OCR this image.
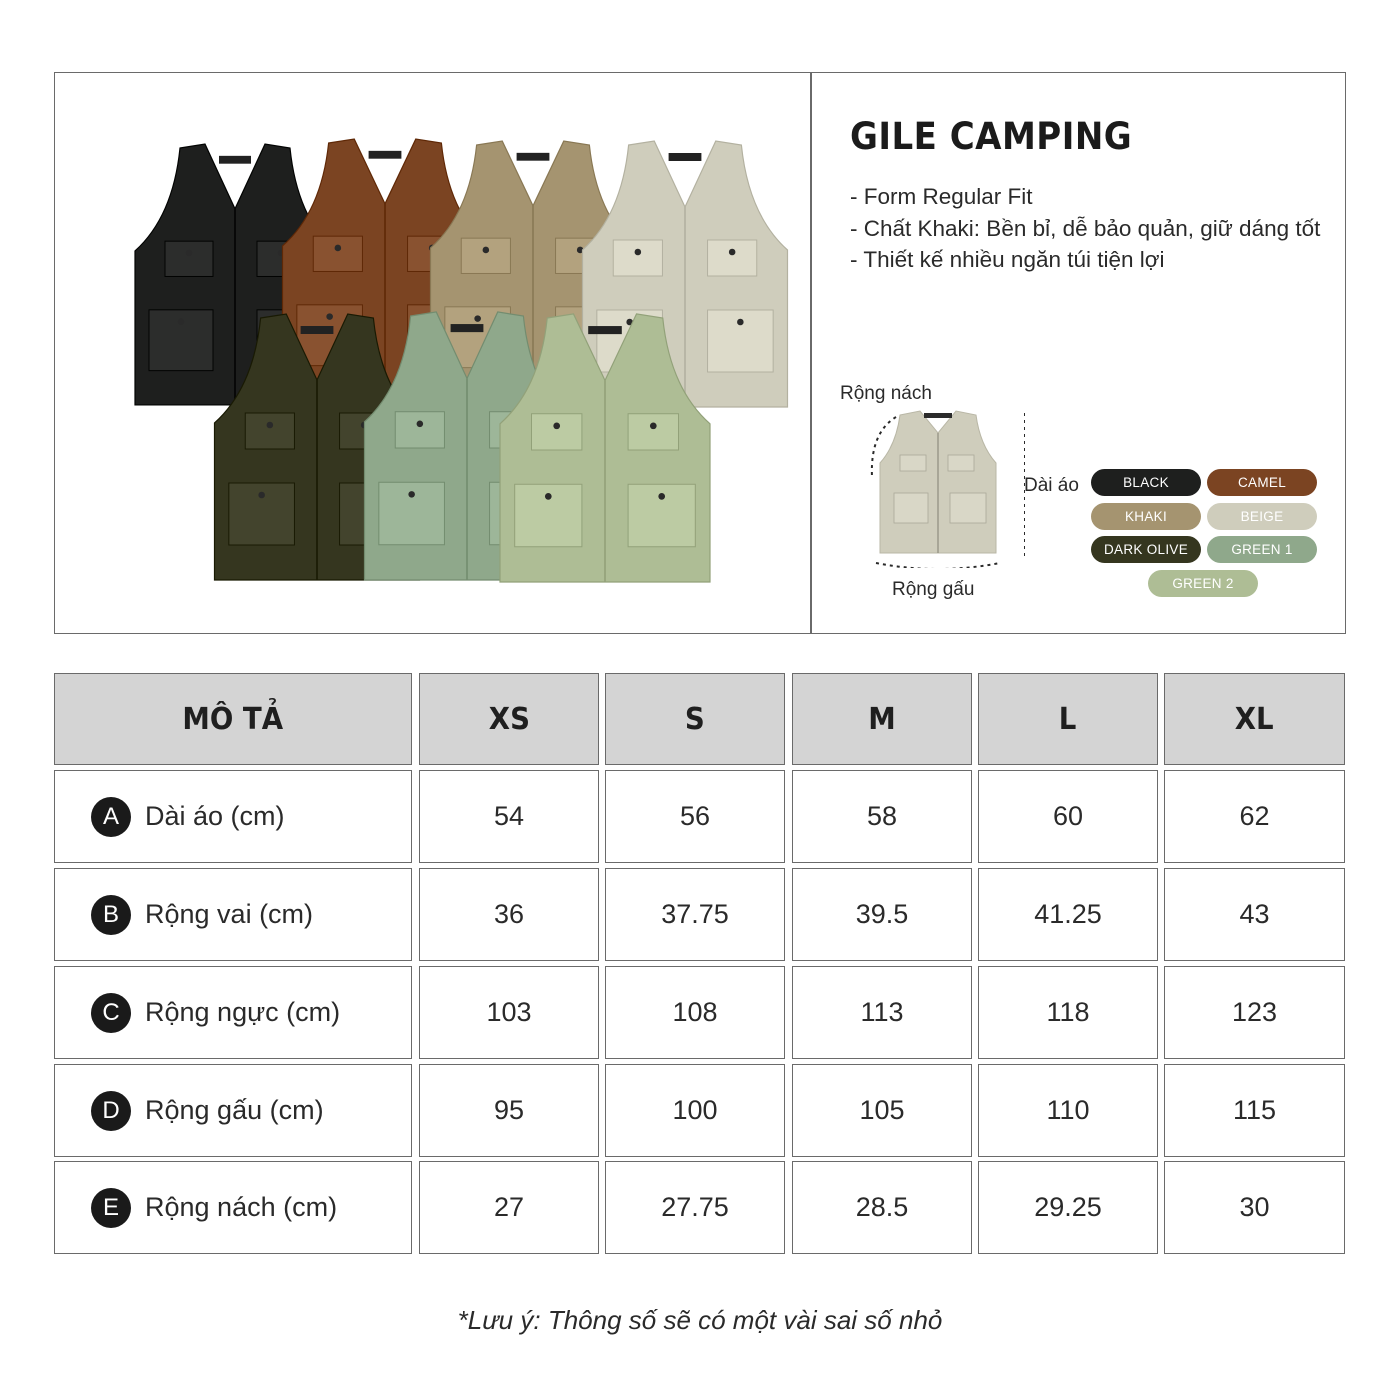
GILE CAMPING
- Form Regular Fit
- Chất Khaki: Bền bỉ, dễ bảo quản, giữ dáng tốt
- Thiết kế nhiều ngăn túi tiện lợi
Rộng nách
Dài áo
Rộng gấu
BLACK	CAMEL
KHAKI	BEIGE
DARK OLIVE	GREEN 1
GREEN 2
MÔ TẢ	XS	S	M	L	XL
A Dài áo (cm)	54	56	58	60	62
B Rộng vai (cm)	36	37.75	39.5	41.25	43
C Rộng ngực (cm)	103	108	113	118	123
D Rộng gấu (cm)	95	100	105	110	115
E Rộng nách (cm)	27	27.75	28.5	29.25	30
*Lưu ý: Thông số sẽ có một vài sai số nhỏ
